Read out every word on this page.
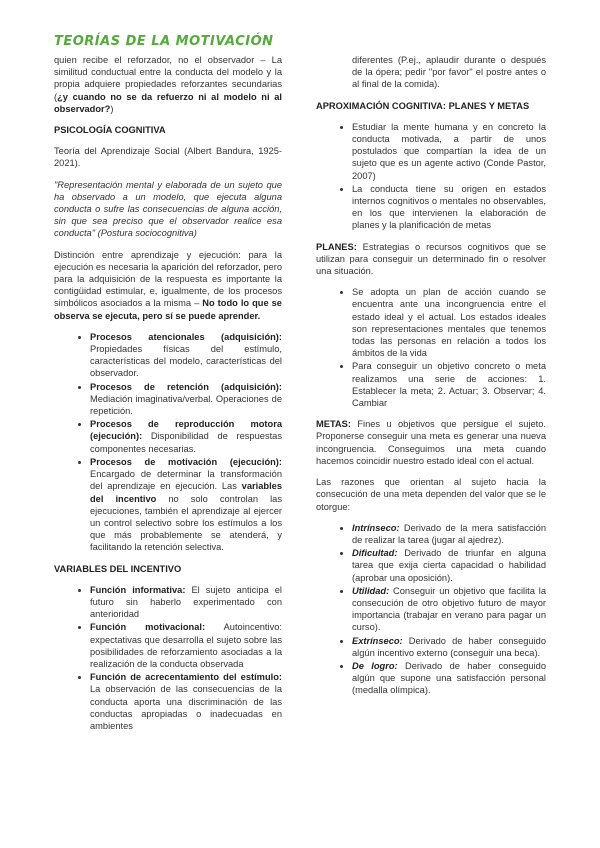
TEORÍAS DE LA MOTIVACIÓN

quien recibe el reforzador, no el observador – La similitud conductual entre la conducta del modelo y la propia adquiere propiedades reforzantes secundarias (¿y cuando no se da refuerzo ni al modelo ni al observador?)

PSICOLOGÍA COGNITIVA

Teoría del Aprendizaje Social (Albert Bandura, 1925-2021).

"Representación mental y elaborada de un sujeto que ha observado a un modelo, que ejecuta alguna conducta o sufre las consecuencias de alguna acción, sin que sea preciso que el observador realice esa conducta" (Postura sociocognitiva)

Distinción entre aprendizaje y ejecución: para la ejecución es necesaria la aparición del reforzador, pero para la adquisición de la respuesta es importante la contigüidad estimular, e, igualmente, de los procesos simbólicos asociados a la misma – No todo lo que se observa se ejecuta, pero sí se puede aprender.

• Procesos atencionales (adquisición): Propiedades físicas del estímulo, características del modelo, características del observador.
• Procesos de retención (adquisición): Mediación imaginativa/verbal. Operaciones de repetición.
• Procesos de reproducción motora (ejecución): Disponibilidad de respuestas componentes necesarias.
• Procesos de motivación (ejecución): Encargado de determinar la transformación del aprendizaje en ejecución. Las variables del incentivo no solo controlan las ejecuciones, también el aprendizaje al ejercer un control selectivo sobre los estímulos a los que más probablemente se atenderá, y facilitando la retención selectiva.
VARIABLES DEL INCENTIVO
• Función informativa: El sujeto anticipa el futuro sin haberlo experimentado con anterioridad
• Función motivacional: Autoincentivo: expectativas que desarrolla el sujeto sobre las posibilidades de reforzamiento asociadas a la realización de la conducta observada
• Función de acrecentamiento del estímulo: La observación de las consecuencias de la conducta aporta una discriminación de las conductas apropiadas o inadecuadas en ambientes

diferentes (P.ej., aplaudir durante o después de la ópera; pedir "por favor" el postre antes o al final de la comida).

APROXIMACIÓN COGNITIVA: PLANES Y METAS
• Estudiar la mente humana y en concreto la conducta motivada, a partir de unos postulados que compartían la idea de un sujeto que es un agente activo (Conde Pastor, 2007)
• La conducta tiene su origen en estados internos cognitivos o mentales no observables, en los que intervienen la elaboración de planes y la planificación de metas

PLANES: Estrategias o recursos cognitivos que se utilizan para conseguir un determinado fin o resolver una situación.

• Se adopta un plan de acción cuando se encuentra ante una incongruencia entre el estado ideal y el actual. Los estados ideales son representaciones mentales que tenemos todas las personas en relación a todos los ámbitos de la vida
• Para conseguir un objetivo concreto o meta realizamos una serie de acciones: 1. Establecer la meta; 2. Actuar; 3. Observar; 4. Cambiar

METAS: Fines u objetivos que persigue el sujeto. Proponerse conseguir una meta es generar una nueva incongruencia. Conseguimos una meta cuando hacemos coincidir nuestro estado ideal con el actual.

Las razones que orientan al sujeto hacia la consecución de una meta dependen del valor que se le otorgue:

• Intrínseco: Derivado de la mera satisfacción de realizar la tarea (jugar al ajedrez).
• Dificultad: Derivado de triunfar en alguna tarea que exija cierta capacidad o habilidad (aprobar una oposición).
• Utilidad: Conseguir un objetivo que facilita la consecución de otro objetivo futuro de mayor importancia (trabajar en verano para pagar un curso).
• Extrínseco: Derivado de haber conseguido algún incentivo externo (conseguir una beca).
• De logro: Derivado de haber conseguido algún que supone una satisfacción personal (medalla olímpica).
